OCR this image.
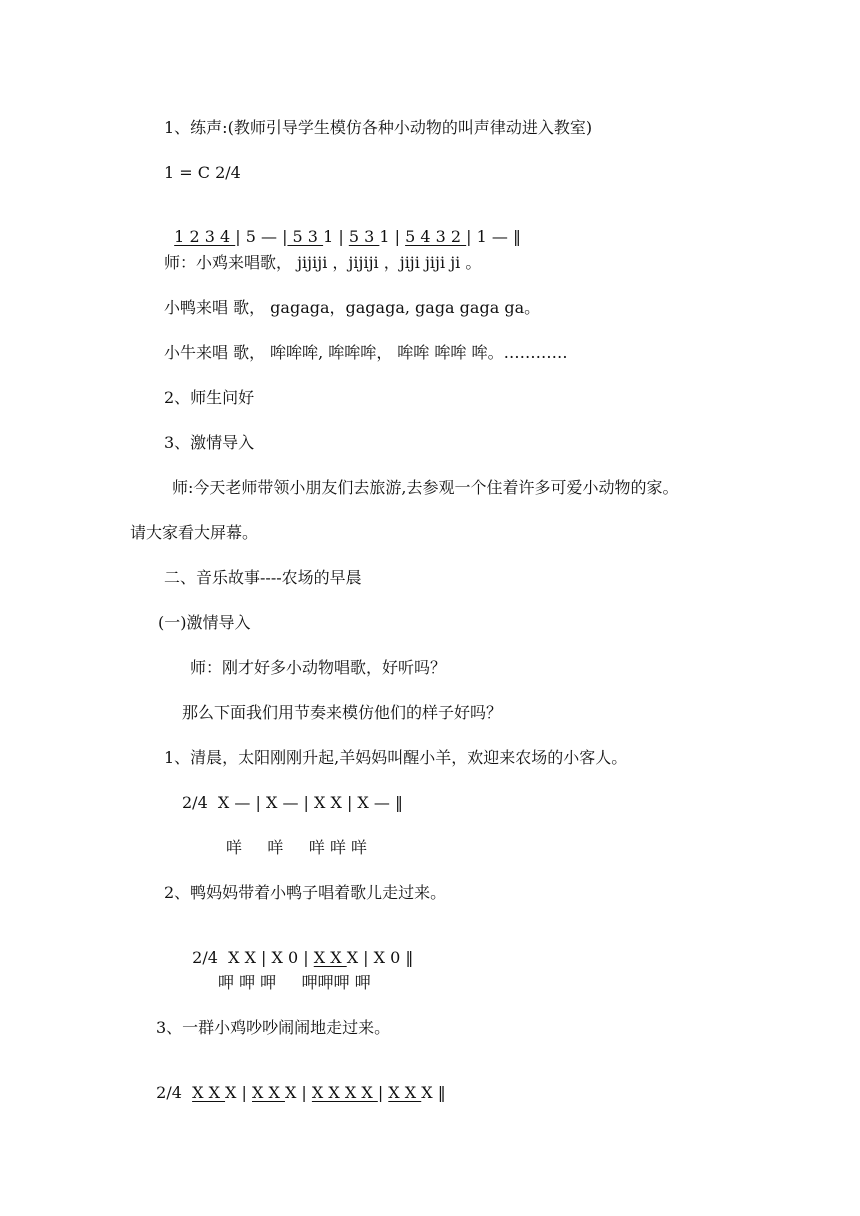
1、练声:(教师引导学生模仿各种小动物的叫声律动进入教室)
1 = C 2/4

1 2 3 4 | 5 — | 5 3 1 | 5 3 1 | 5 4 3 2 | 1 — ‖

师：小鸡来唱歌， jijiji ，jijiji ，jiji jiji ji 。
小鸭来唱 歌， gagaga，gagaga, gaga gaga ga。
小牛来唱 歌， 哞哞哞, 哞哞哞， 哞哞 哞哞 哞。…………
2、师生问好
3、激情导入
师:今天老师带领小朋友们去旅游,去参观一个住着许多可爱小动物的家。
请大家看大屏幕。
二、音乐故事----农场的早晨
(一)激情导入
师：刚才好多小动物唱歌，好听吗？
那么下面我们用节奏来模仿他们的样子好吗？
1、清晨，太阳刚刚升起,羊妈妈叫醒小羊，欢迎来农场的小客人。
2/4  X — | X — | X X | X — ‖
咩     咩     咩 咩 咩
2、鸭妈妈带着小鸭子唱着歌儿走过来。

2/4  X X | X 0 | X X X | X 0 ‖

呷 呷 呷     呷呷呷 呷
3、一群小鸡吵吵闹闹地走过来。

2/4  X X X | X X X | X X X X | X X X ‖
